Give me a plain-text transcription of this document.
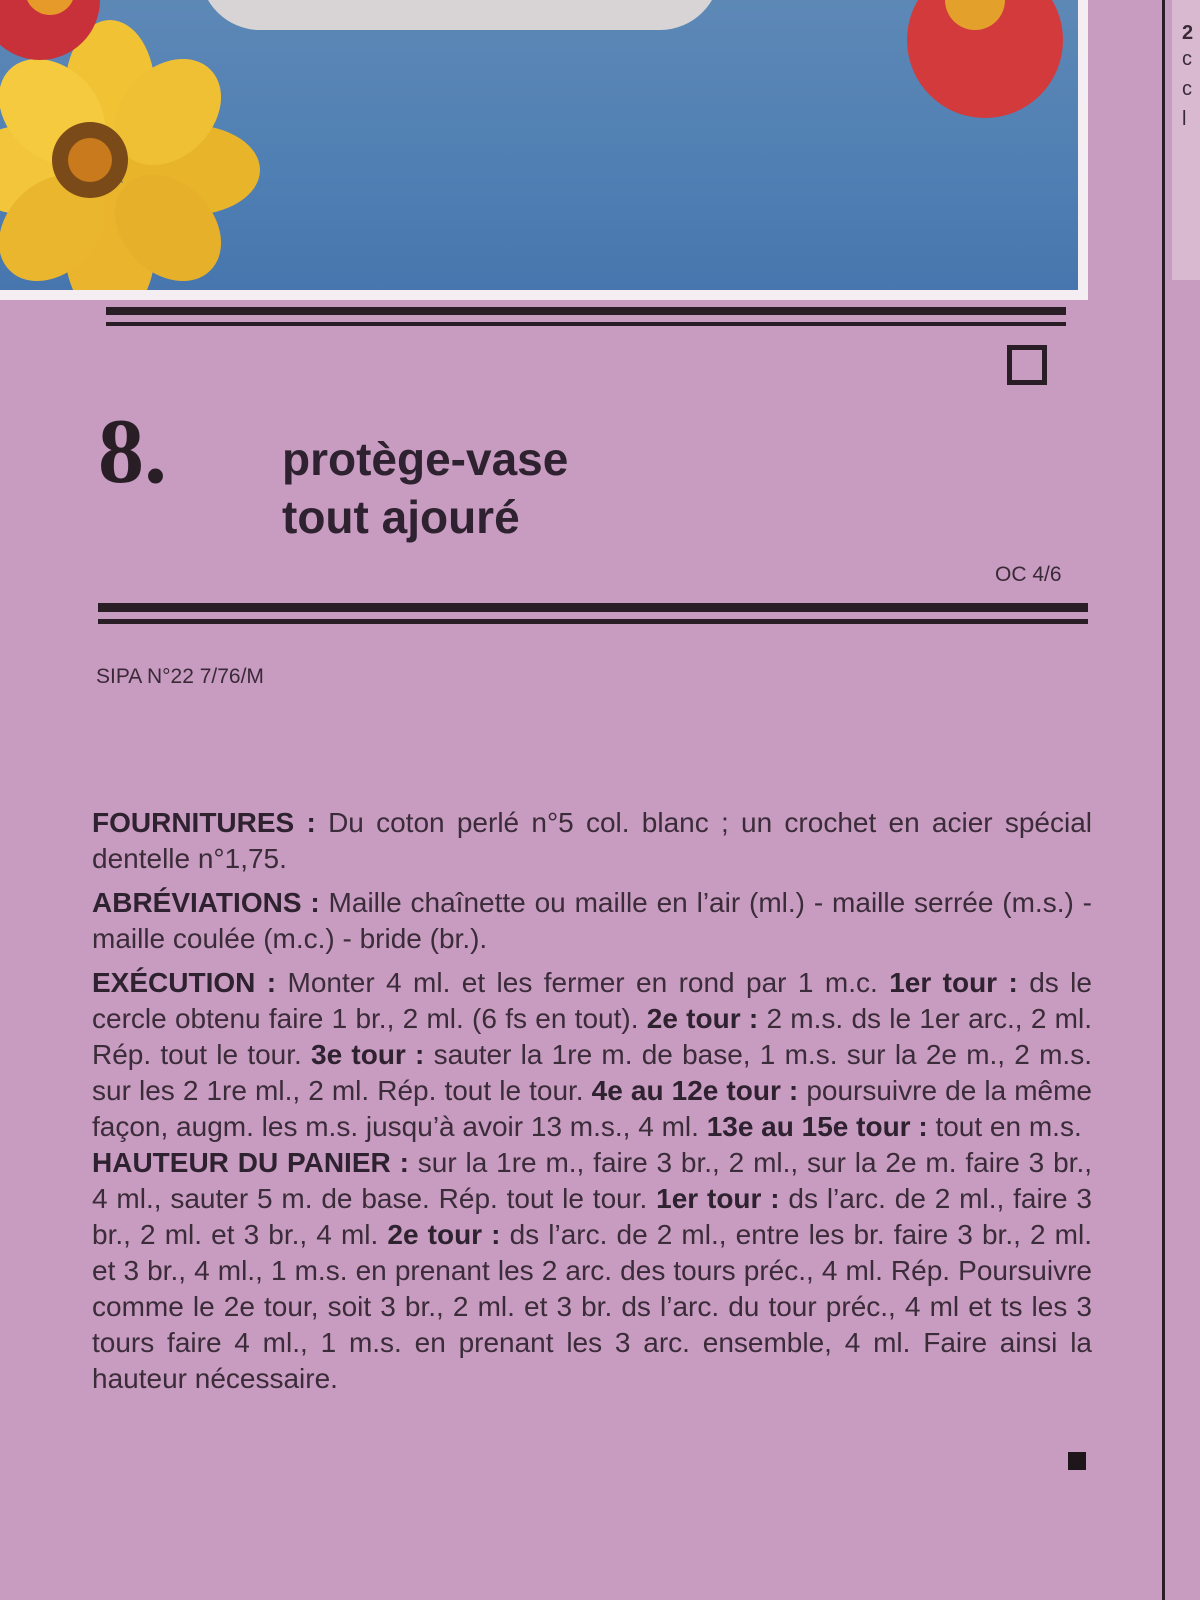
2
c
c
l
8.	protège-vase
tout ajouré
OC 4/6
SIPA N°22 7/76/M

FOURNITURES : Du coton perlé n°5 col. blanc ; un crochet en acier spécial dentelle n°1,75.

ABRÉVIATIONS : Maille chaînette ou maille en l’air (ml.) - maille serrée (m.s.) - maille coulée (m.c.) - bride (br.).

EXÉCUTION : Monter 4 ml. et les fermer en rond par 1 m.c. 1er tour : ds le cercle obtenu faire 1 br., 2 ml. (6 fs en tout). 2e tour : 2 m.s. ds le 1er arc., 2 ml. Rép. tout le tour. 3e tour : sauter la 1re m. de base, 1 m.s. sur la 2e m., 2 m.s. sur les 2 1re ml., 2 ml. Rép. tout le tour. 4e au 12e tour : poursuivre de la même façon, augm. les m.s. jusqu’à avoir 13 m.s., 4 ml. 13e au 15e tour : tout en m.s.
HAUTEUR DU PANIER : sur la 1re m., faire 3 br., 2 ml., sur la 2e m. faire 3 br., 4 ml., sauter 5 m. de base. Rép. tout le tour. 1er tour : ds l’arc. de 2 ml., faire 3 br., 2 ml. et 3 br., 4 ml. 2e tour : ds l’arc. de 2 ml., entre les br. faire 3 br., 2 ml. et 3 br., 4 ml., 1 m.s. en prenant les 2 arc. des tours préc., 4 ml. Rép. Poursuivre comme le 2e tour, soit 3 br., 2 ml. et 3 br. ds l’arc. du tour préc., 4 ml et ts les 3 tours faire 4 ml., 1 m.s. en prenant les 3 arc. ensemble, 4 ml. Faire ainsi la hauteur nécessaire.
